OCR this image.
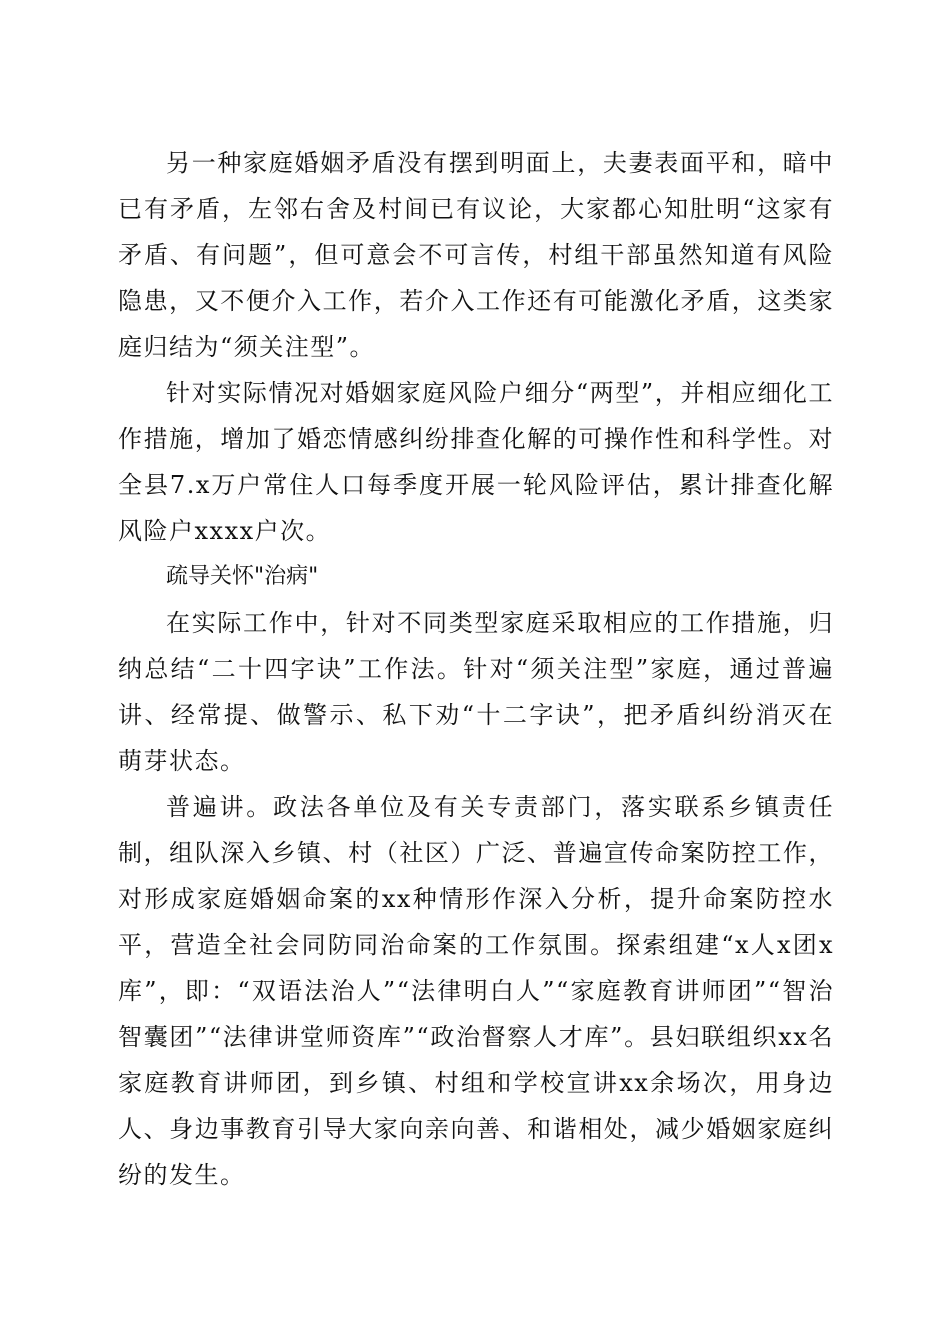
另一种家庭婚姻矛盾没有摆到明面上，夫妻表面平和，暗中已有矛盾，左邻右舍及村间已有议论，大家都心知肚明“这家有矛盾、有问题”，但可意会不可言传，村组干部虽然知道有风险隐患，又不便介入工作，若介入工作还有可能激化矛盾，这类家庭归结为“须关注型”。

针对实际情况对婚姻家庭风险户细分“两型”，并相应细化工作措施，增加了婚恋情感纠纷排查化解的可操作性和科学性。对全县7.x万户常住人口每季度开展一轮风险评估，累计排查化解风险户xxxx户次。

疏导关怀"治病"

在实际工作中，针对不同类型家庭采取相应的工作措施，归纳总结“二十四字诀”工作法。针对“须关注型”家庭，通过普遍讲、经常提、做警示、私下劝“十二字诀”，把矛盾纠纷消灭在萌芽状态。

普遍讲。政法各单位及有关专责部门，落实联系乡镇责任制，组队深入乡镇、村（社区）广泛、普遍宣传命案防控工作，对形成家庭婚姻命案的xx种情形作深入分析，提升命案防控水平，营造全社会同防同治命案的工作氛围。探索组建“x人x团x库”，即：“双语法治人”“法律明白人”“家庭教育讲师团”“智治智囊团”“法律讲堂师资库”“政治督察人才库”。县妇联组织xx名家庭教育讲师团，到乡镇、村组和学校宣讲xx余场次，用身边人、身边事教育引导大家向亲向善、和谐相处，减少婚姻家庭纠纷的发生。
